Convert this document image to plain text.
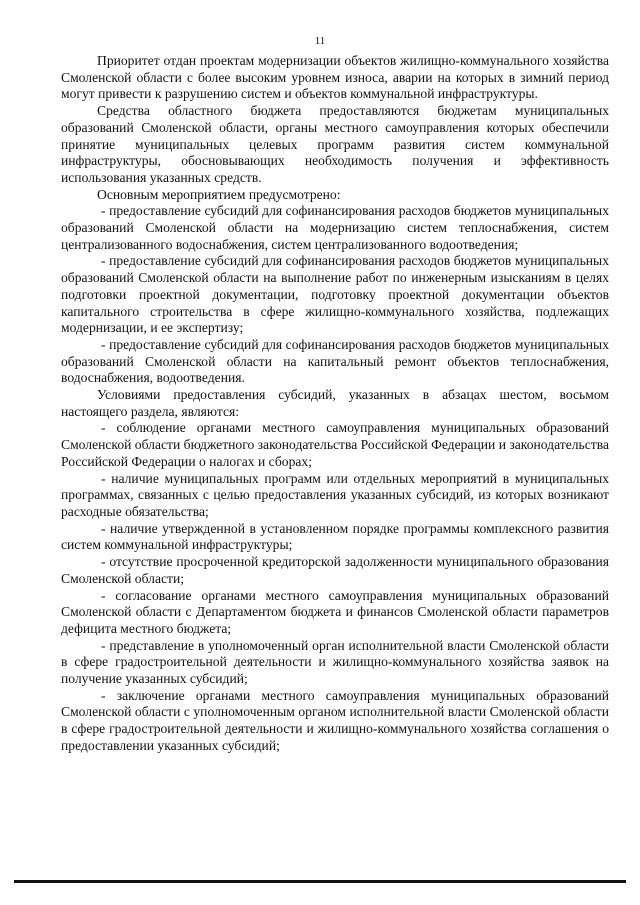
11

Приоритет отдан проектам модернизации объектов жилищно-коммунального хозяйства Смоленской области с более высоким уровнем износа, аварии на которых в зимний период могут привести к разрушению систем и объектов коммунальной инфраструктуры.

Средства областного бюджета предоставляются бюджетам муниципальных образований Смоленской области, органы местного самоуправления которых обеспечили принятие муниципальных целевых программ развития систем коммунальной инфраструктуры, обосновывающих необходимость получения и эффективность использования указанных средств.

Основным мероприятием предусмотрено:

- предоставление субсидий для софинансирования расходов бюджетов муниципальных образований Смоленской области на модернизацию систем теплоснабжения, систем централизованного водоснабжения, систем централизованного водоотведения;

- предоставление субсидий для софинансирования расходов бюджетов муниципальных образований Смоленской области на выполнение работ по инженерным изысканиям в целях подготовки проектной документации, подготовку проектной документации объектов капитального строительства в сфере жилищно-коммунального хозяйства, подлежащих модернизации, и ее экспертизу;

- предоставление субсидий для софинансирования расходов бюджетов муниципальных образований Смоленской области на капитальный ремонт объектов теплоснабжения, водоснабжения, водоотведения.

Условиями предоставления субсидий, указанных в абзацах шестом, восьмом настоящего раздела, являются:

- соблюдение органами местного самоуправления муниципальных образований Смоленской области бюджетного законодательства Российской Федерации и законодательства Российской Федерации о налогах и сборах;

- наличие муниципальных программ или отдельных мероприятий в муниципальных программах, связанных с целью предоставления указанных субсидий, из которых возникают расходные обязательства;

- наличие утвержденной в установленном порядке программы комплексного развития систем коммунальной инфраструктуры;

- отсутствие просроченной кредиторской задолженности муниципального образования Смоленской области;

- согласование органами местного самоуправления муниципальных образований Смоленской области с Департаментом бюджета и финансов Смоленской области параметров дефицита местного бюджета;

- представление в уполномоченный орган исполнительной власти Смоленской области в сфере градостроительной деятельности и жилищно-коммунального хозяйства заявок на получение указанных субсидий;

- заключение органами местного самоуправления муниципальных образований Смоленской области с уполномоченным органом исполнительной власти Смоленской области в сфере градостроительной деятельности и жилищно-коммунального хозяйства соглашения о предоставлении указанных субсидий;
